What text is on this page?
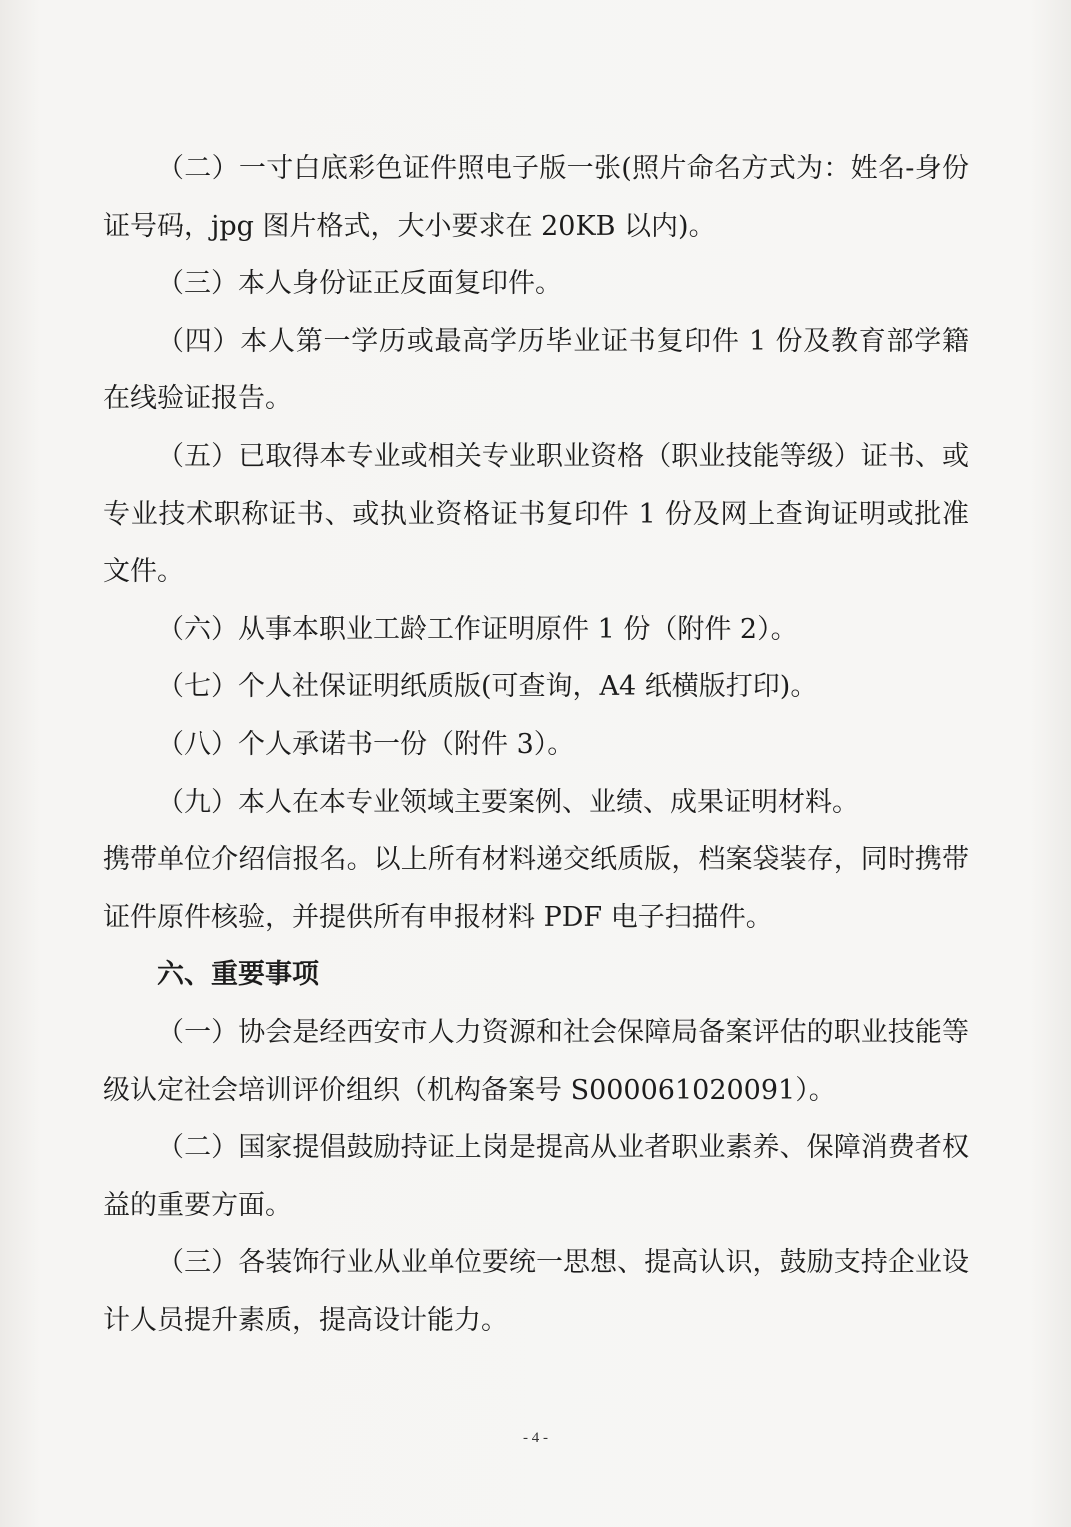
（二）一寸白底彩色证件照电子版一张(照片命名方式为：姓名-身份证号码，jpg 图片格式，大小要求在 20KB 以内)。

（三）本人身份证正反面复印件。

（四）本人第一学历或最高学历毕业证书复印件 1 份及教育部学籍在线验证报告。

（五）已取得本专业或相关专业职业资格（职业技能等级）证书、或专业技术职称证书、或执业资格证书复印件 1 份及网上查询证明或批准文件。

（六）从事本职业工龄工作证明原件 1 份（附件 2）。

（七）个人社保证明纸质版(可查询，A4 纸横版打印)。

（八）个人承诺书一份（附件 3）。

（九）本人在本专业领域主要案例、业绩、成果证明材料。

携带单位介绍信报名。以上所有材料递交纸质版，档案袋装存，同时携带证件原件核验，并提供所有申报材料 PDF 电子扫描件。

六、重要事项

（一）协会是经西安市人力资源和社会保障局备案评估的职业技能等级认定社会培训评价组织（机构备案号 S000061020091）。

（二）国家提倡鼓励持证上岗是提高从业者职业素养、保障消费者权益的重要方面。

（三）各装饰行业从业单位要统一思想、提高认识，鼓励支持企业设计人员提升素质，提高设计能力。

- 4 -
